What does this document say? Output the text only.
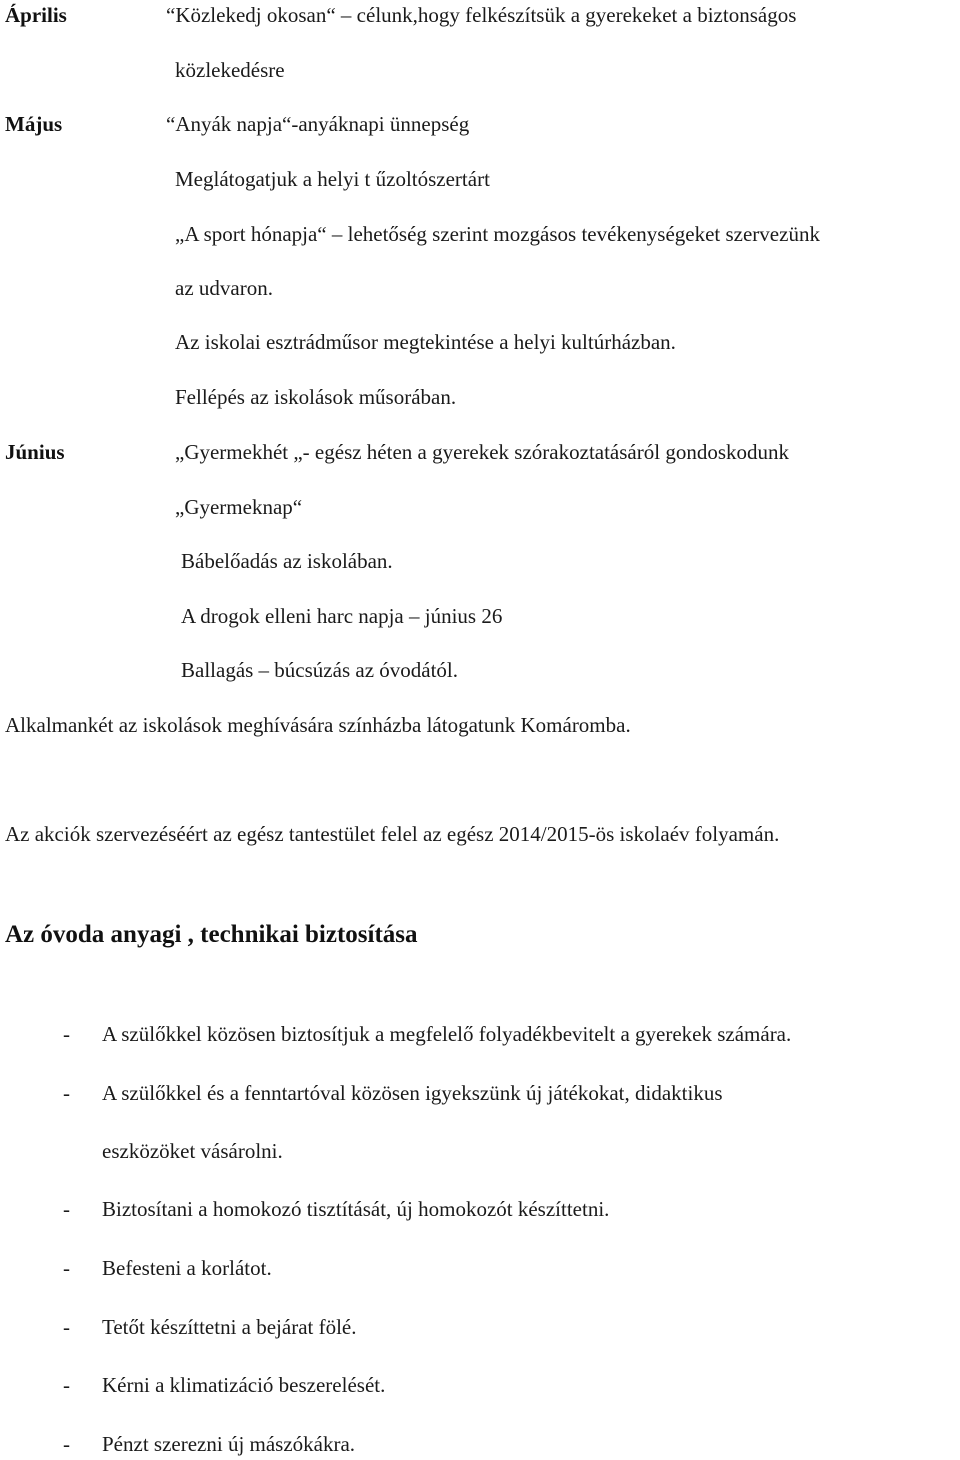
Április	“Közlekedj okosan“ – célunk,hogy felkészítsük a gyerekeket a biztonságos
közlekedésre
Május	“Anyák napja“-anyáknapi ünnepség
Meglátogatjuk a helyi t űzoltószertárt
„A sport hónapja“ – lehetőség szerint mozgásos tevékenységeket szervezünk
az udvaron.
Az iskolai esztrádműsor megtekintése a helyi kultúrházban.
Fellépés az iskolások műsorában.
Június	„Gyermekhét „- egész héten a gyerekek szórakoztatásáról gondoskodunk
„Gyermeknap“
Bábelőadás az iskolában.
A drogok elleni harc napja – június 26
Ballagás – búcsúzás az óvodától.
Alkalmankét az iskolások meghívására színházba látogatunk Komáromba.
Az akciók szervezéséért az egész tantestület felel az egész 2014/2015-ös iskolaév folyamán.
Az óvoda anyagi , technikai biztosítása
- A szülőkkel közösen biztosítjuk a megfelelő folyadékbevitelt a gyerekek számára.
- A szülőkkel és a fenntartóval közösen igyekszünk új játékokat, didaktikus
eszközöket vásárolni.
- Biztosítani a homokozó tisztítását, új homokozót készíttetni.
- Befesteni a korlátot.
- Tetőt készíttetni a bejárat fölé.
- Kérni a klimatizáció beszerelését.
- Pénzt szerezni új mászókákra.
